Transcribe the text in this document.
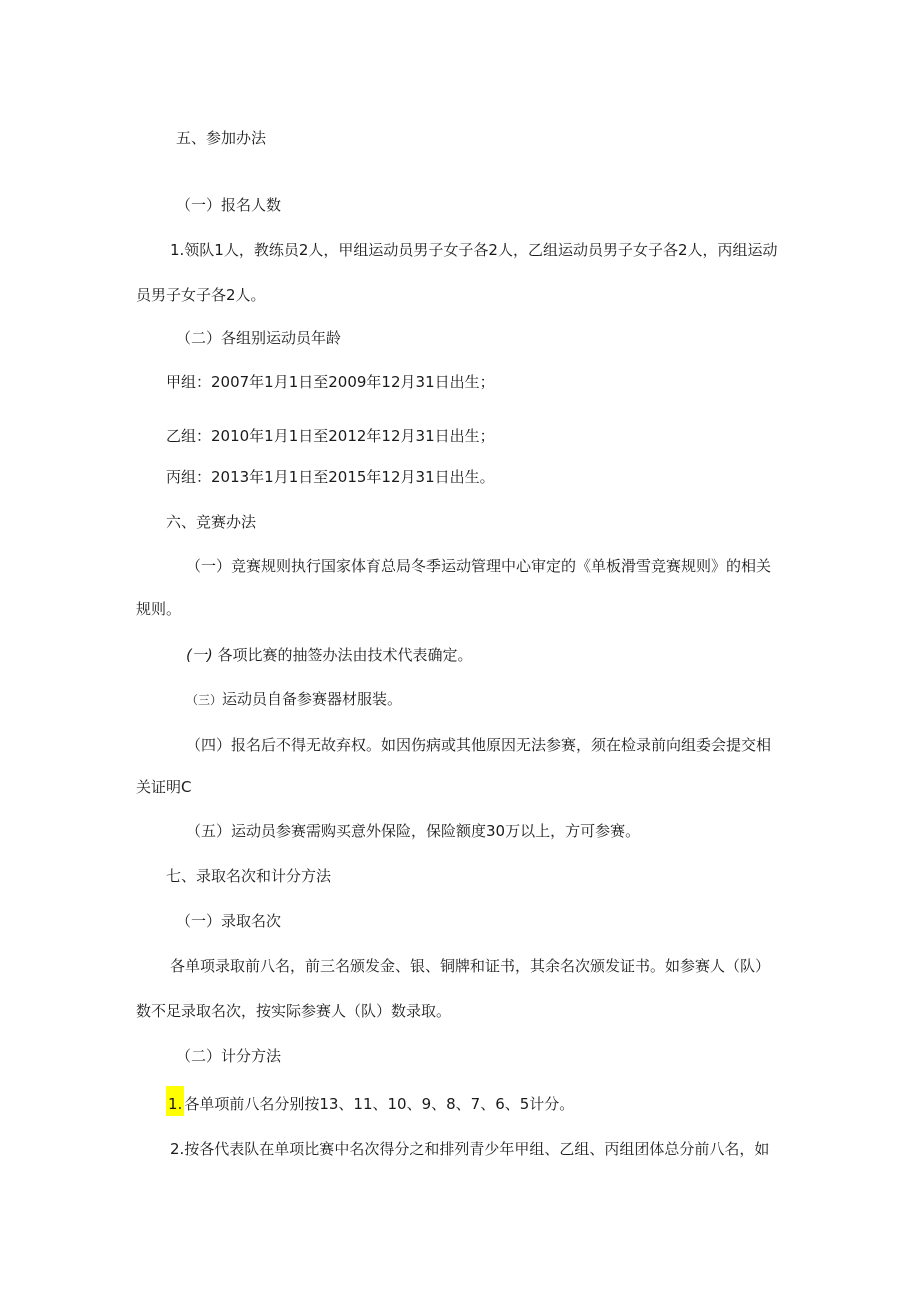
五、参加办法
（一）报名人数
1.领队1人，教练员2人，甲组运动员男子女子各2人，乙组运动员男子女子各2人，丙组运动
员男子女子各2人。
（二）各组别运动员年龄
甲组：2007年1月1日至2009年12月31日出生；
乙组：2010年1月1日至2012年12月31日出生；
丙组：2013年1月1日至2015年12月31日出生。
六、竞赛办法
（一）竞赛规则执行国家体育总局冬季运动管理中心审定的《单板滑雪竞赛规则》的相关
规则。
(一) 各项比赛的抽签办法由技术代表确定。
（三）运动员自备参赛器材服装。
（四）报名后不得无故弃权。如因伤病或其他原因无法参赛，须在检录前向组委会提交相
关证明C
（五）运动员参赛需购买意外保险，保险额度30万以上，方可参赛。
七、录取名次和计分方法
（一）录取名次
各单项录取前八名，前三名颁发金、银、铜牌和证书，其余名次颁发证书。如参赛人（队）
数不足录取名次，按实际参赛人（队）数录取。
（二）计分方法
1. 各单项前八名分别按13、11、10、9、8、7、6、5计分。
2.按各代表队在单项比赛中名次得分之和排列青少年甲组、乙组、丙组团体总分前八名，如
